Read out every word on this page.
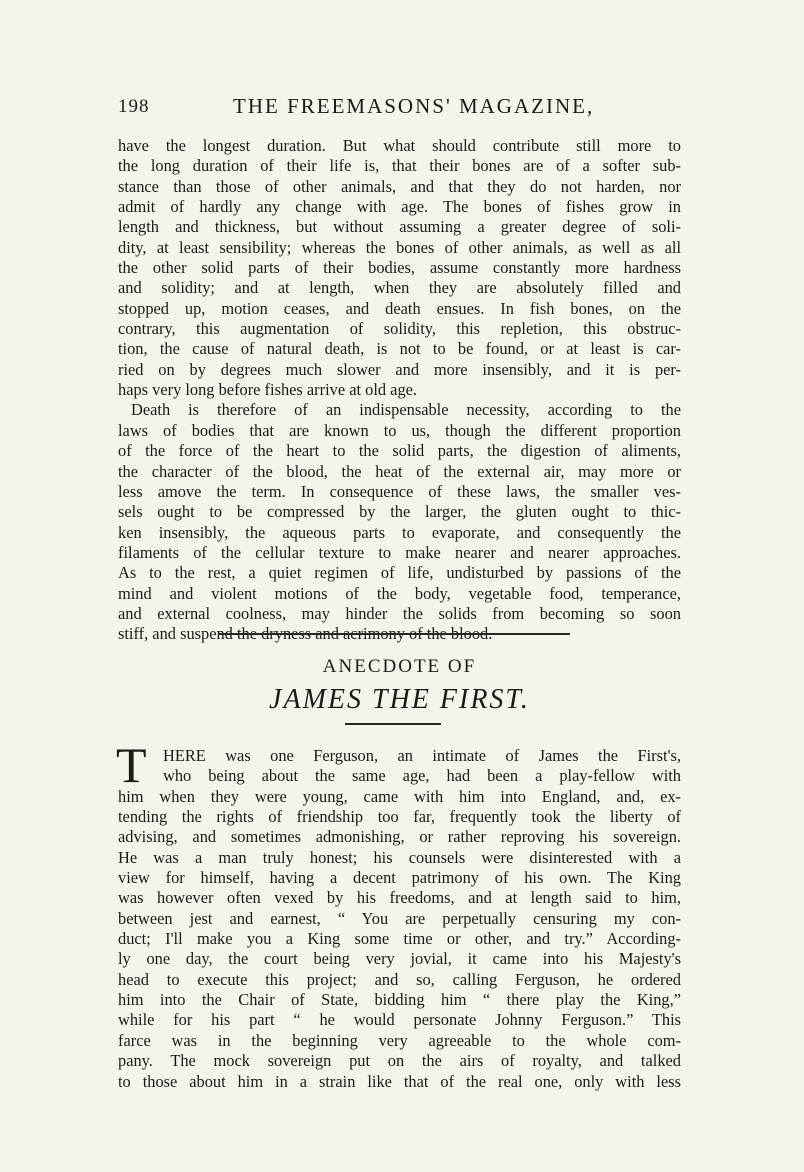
198	THE FREEMASONS' MAGAZINE,
have the longest duration. But what should contribute still more to
the long duration of their life is, that their bones are of a softer sub-
stance than those of other animals, and that they do not harden, nor
admit of hardly any change with age. The bones of fishes grow in
length and thickness, but without assuming a greater degree of soli-
dity, at least sensibility; whereas the bones of other animals, as well as all
the other solid parts of their bodies, assume constantly more hardness
and solidity; and at length, when they are absolutely filled and
stopped up, motion ceases, and death ensues. In fish bones, on the
contrary, this augmentation of solidity, this repletion, this obstruc-
tion, the cause of natural death, is not to be found, or at least is car-
ried on by degrees much slower and more insensibly, and it is per-
haps very long before fishes arrive at old age.
Death is therefore of an indispensable necessity, according to the
laws of bodies that are known to us, though the different proportion
of the force of the heart to the solid parts, the digestion of aliments,
the character of the blood, the heat of the external air, may more or
less amove the term. In consequence of these laws, the smaller ves-
sels ought to be compressed by the larger, the gluten ought to thic-
ken insensibly, the aqueous parts to evaporate, and consequently the
filaments of the cellular texture to make nearer and nearer approaches.
As to the rest, a quiet regimen of life, undisturbed by passions of the
mind and violent motions of the body, vegetable food, temperance,
and external coolness, may hinder the solids from becoming so soon
stiff, and suspend the dryness and acrimony of the blood.
ANECDOTE OF
JAMES THE FIRST.
T	HERE was one Ferguson, an intimate of James the First's,
who being about the same age, had been a play-fellow with
him when they were young, came with him into England, and, ex-
tending the rights of friendship too far, frequently took the liberty of
advising, and sometimes admonishing, or rather reproving his sovereign.
He was a man truly honest; his counsels were disinterested with a
view for himself, having a decent patrimony of his own. The King
was however often vexed by his freedoms, and at length said to him,
between jest and earnest, “ You are perpetually censuring my con-
duct; I'll make you a King some time or other, and try.” According-
ly one day, the court being very jovial, it came into his Majesty's
head to execute this project; and so, calling Ferguson, he ordered
him into the Chair of State, bidding him “ there play the King,”
while for his part “ he would personate Johnny Ferguson.” This
farce was in the beginning very agreeable to the whole com-
pany. The mock sovereign put on the airs of royalty, and talked
to those about him in a strain like that of the real one, only with less
